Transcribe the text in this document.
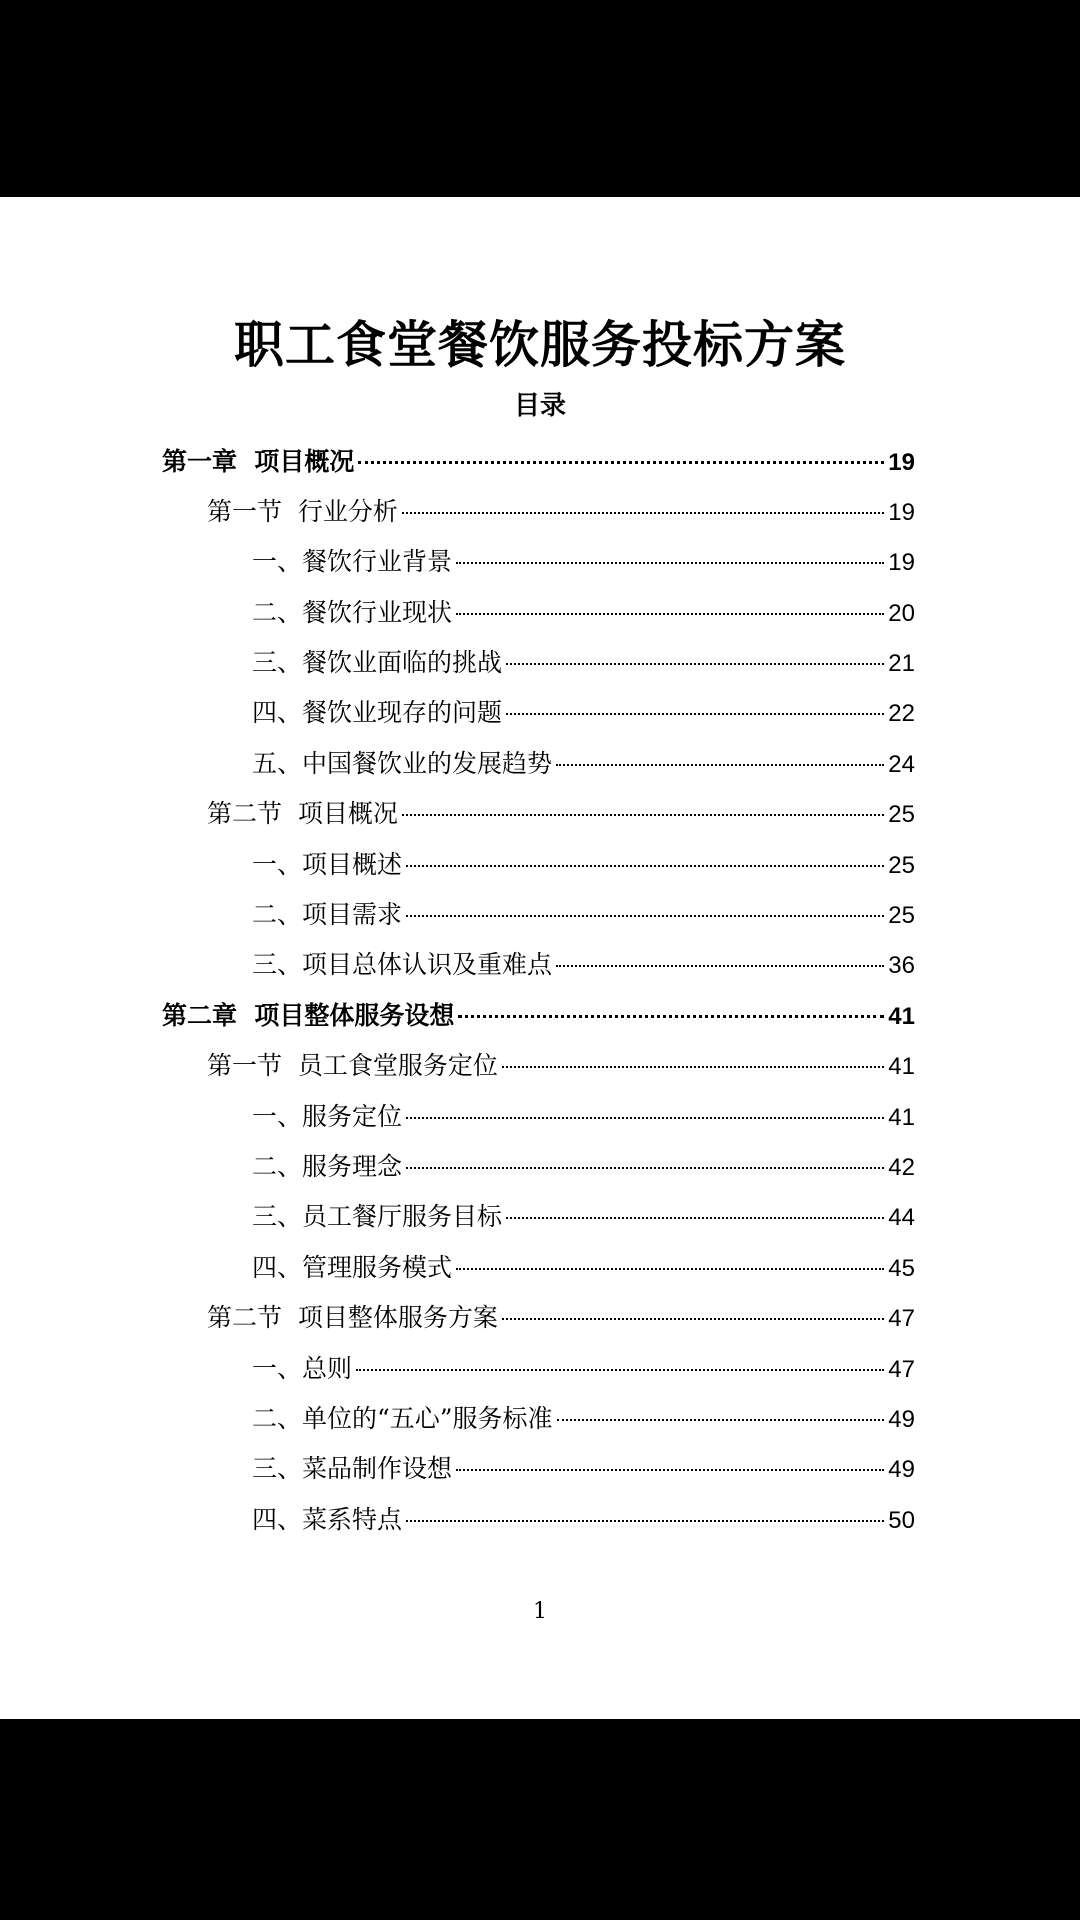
职工食堂餐饮服务投标方案
目录
第一章  项目概况	19
第一节  行业分析	19
一、餐饮行业背景	19
二、餐饮行业现状	20
三、餐饮业面临的挑战	21
四、餐饮业现存的问题	22
五、中国餐饮业的发展趋势	24
第二节  项目概况	25
一、项目概述	25
二、项目需求	25
三、项目总体认识及重难点	36
第二章  项目整体服务设想	41
第一节  员工食堂服务定位	41
一、服务定位	41
二、服务理念	42
三、员工餐厅服务目标	44
四、管理服务模式	45
第二节  项目整体服务方案	47
一、总则	47
二、单位的“五心”服务标准	49
三、菜品制作设想	49
四、菜系特点	50
1
